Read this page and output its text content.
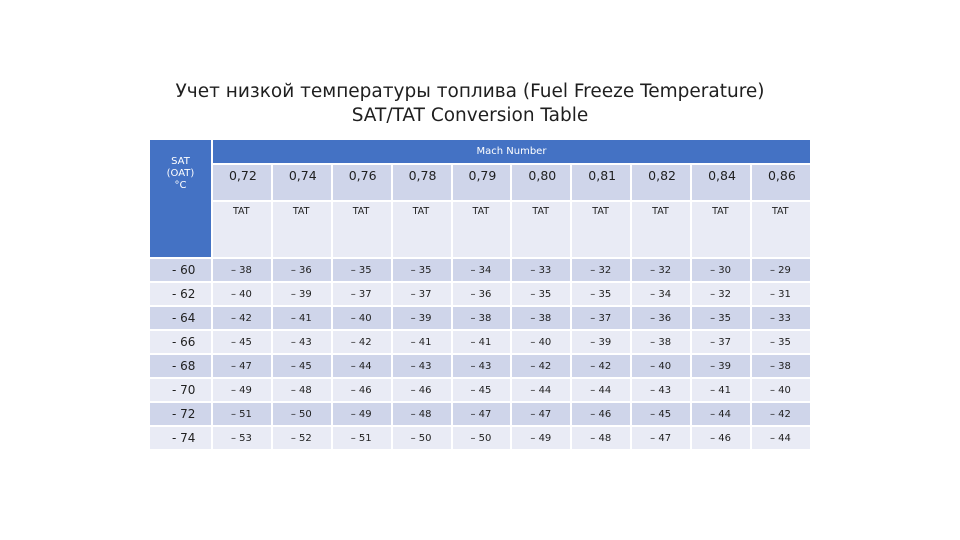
Учет низкой температуры топлива (Fuel Freeze Temperature)
SAT/TAT Conversion Table
SAT
(OAT)
°C	Mach Number									
	0,72	0,74	0,76	0,78	0,79	0,80	0,81	0,82	0,84	0,86
	TAT	TAT	TAT	TAT	TAT	TAT	TAT	TAT	TAT	TAT
- 60	– 38	– 36	– 35	– 35	– 34	– 33	– 32	– 32	– 30	– 29
- 62	– 40	– 39	– 37	– 37	– 36	– 35	– 35	– 34	– 32	– 31
- 64	– 42	– 41	– 40	– 39	– 38	– 38	– 37	– 36	– 35	– 33
- 66	– 45	– 43	– 42	– 41	– 41	– 40	– 39	– 38	– 37	– 35
- 68	– 47	– 45	– 44	– 43	– 43	– 42	– 42	– 40	– 39	– 38
- 70	– 49	– 48	– 46	– 46	– 45	– 44	– 44	– 43	– 41	– 40
- 72	– 51	– 50	– 49	– 48	– 47	– 47	– 46	– 45	– 44	– 42
- 74	– 53	– 52	– 51	– 50	– 50	– 49	– 48	– 47	– 46	– 44
